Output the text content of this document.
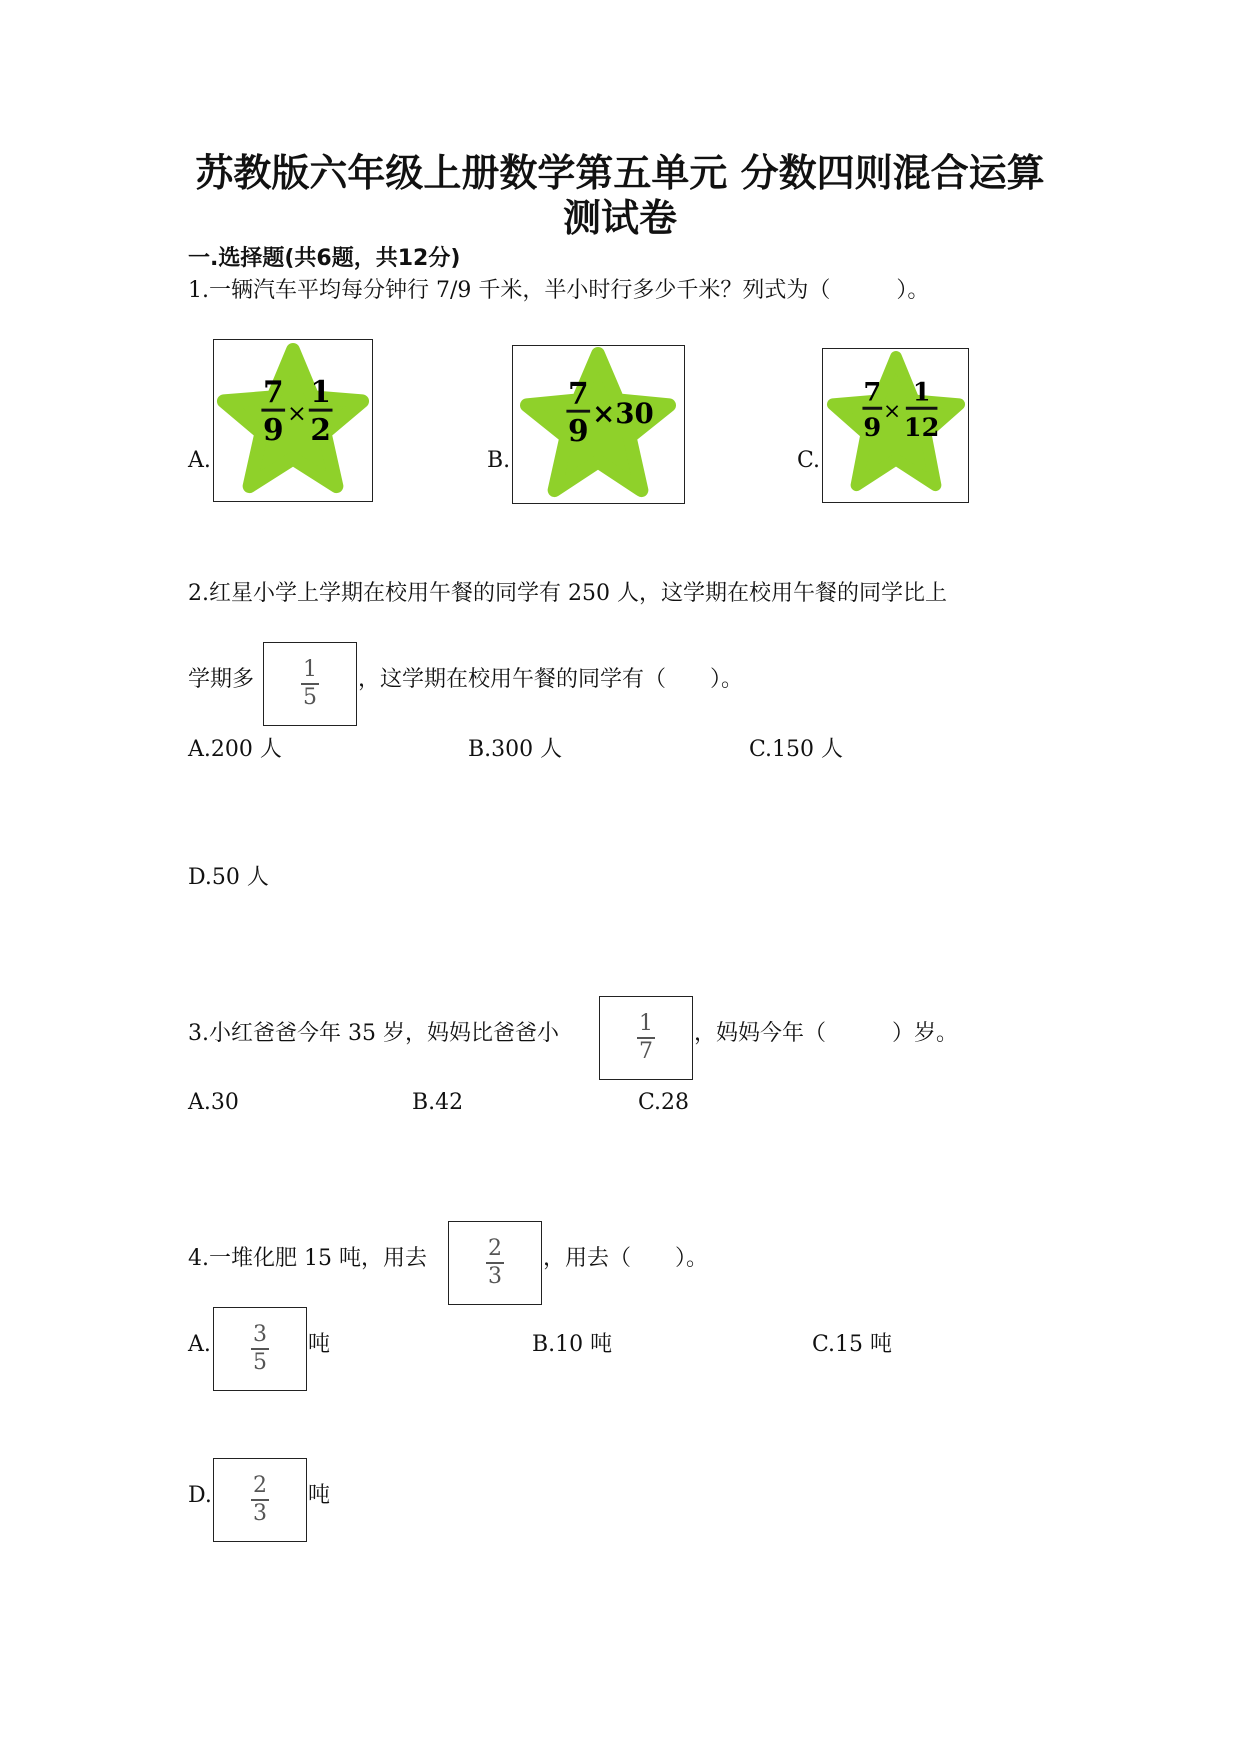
苏教版六年级上册数学第五单元 分数四则混合运算
测试卷
一.选择题(共6题，共12分)
1.一辆汽车平均每分钟行 7/9 千米，半小时行多少千米？列式为（　　　）。
A.
7
9 ×
1
2
B.
7
9 ×30
C.
7
9
×
1
12
2.红星小学上学期在校用午餐的同学有 250 人，这学期在校用午餐的同学比上
学期多 $\frac{1}{5}$ ，这学期在校用午餐的同学有（　　）。
A.200 人	B.300 人	C.150 人
D.50 人
3.小红爸爸今年 35 岁，妈妈比爸爸小	$\frac{1}{7}$ ，妈妈今年（　　　）岁。
A.30	B.42	C.28
4.一堆化肥 15 吨，用去	$\frac{2}{3}$ ，用去（　　）。
A. $\frac{3}{5}$ 吨	B.10 吨	C.15 吨
D. $\frac{2}{3}$ 吨
